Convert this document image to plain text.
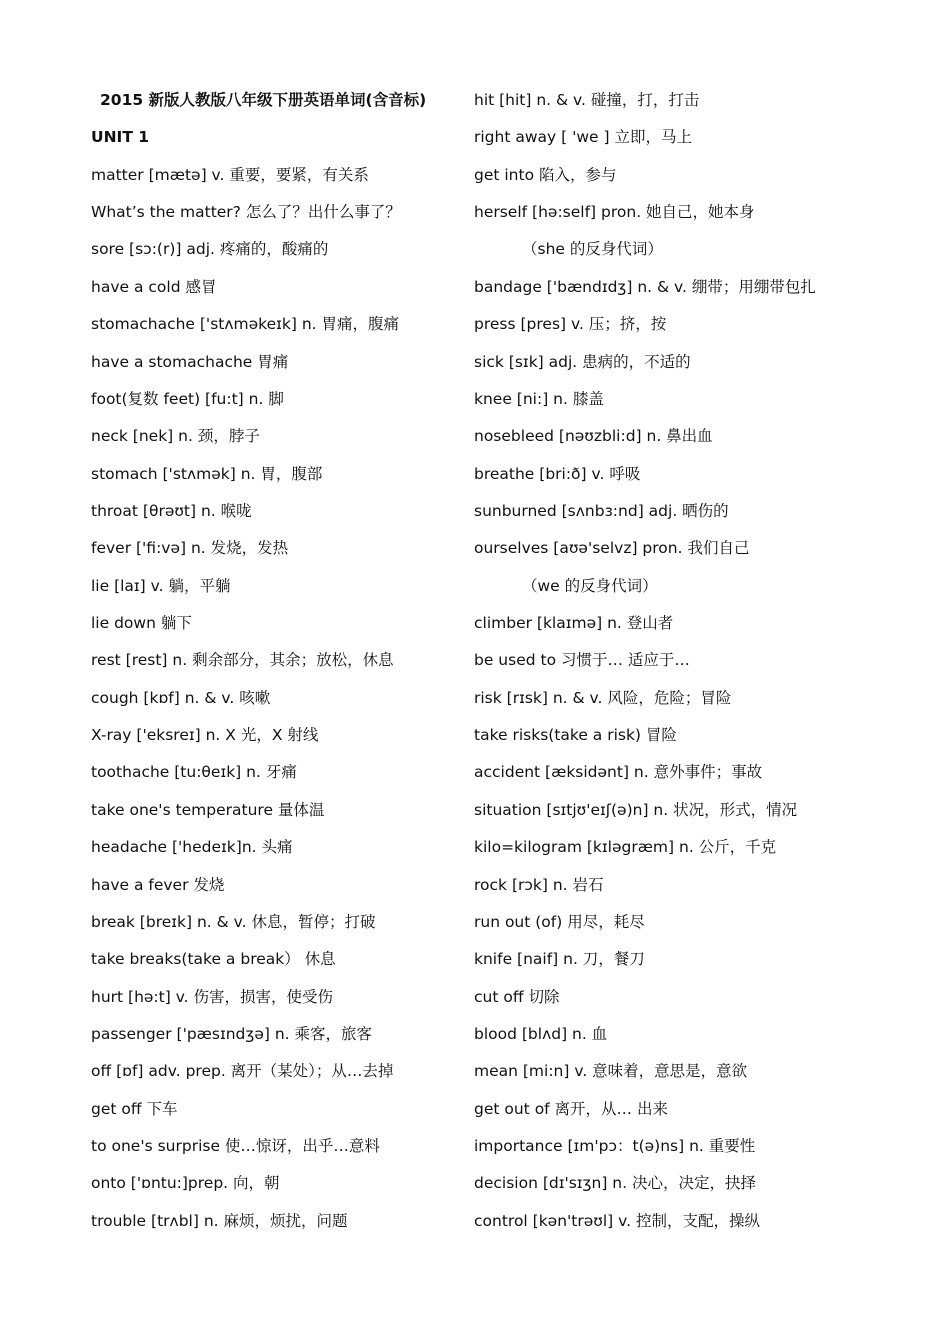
2015 新版人教版八年级下册英语单词(含音标)
UNIT 1
matter [mætə] v. 重要，要紧，有关系
What’s the matter? 怎么了？出什么事了？
sore [sɔ:(r)] adj. 疼痛的，酸痛的
have a cold 感冒
stomachache ['stʌməkeɪk] n. 胃痛，腹痛
have a stomachache 胃痛
foot(复数 feet) [fu:t] n. 脚
neck [nek] n. 颈，脖子
stomach ['stʌmək] n. 胃，腹部
throat [θrəʊt] n. 喉咙
fever ['fi:və] n. 发烧，发热
lie [laɪ] v. 躺，平躺
lie down 躺下
rest [rest] n. 剩余部分，其余；放松，休息
cough [kɒf] n. & v. 咳嗽
X-ray ['eksreɪ] n. X 光，X 射线
toothache [tu:θeɪk] n. 牙痛
take one's temperature 量体温
headache ['hedeɪk]n. 头痛
have a fever 发烧
break [breɪk] n. & v. 休息，暂停；打破
take breaks(take a break） 休息
hurt [hə:t] v. 伤害，损害，使受伤
passenger ['pæsɪndʒə] n. 乘客，旅客
off [ɒf] adv. prep. 离开（某处）；从…去掉
get off 下车
to one's surprise 使…惊讶，出乎…意料
onto ['ɒntu:]prep. 向，朝
trouble [trʌbl] n. 麻烦，烦扰，问题
hit [hit] n. & v. 碰撞，打，打击
right away [ 'we ] 立即，马上
get into 陷入，参与
herself [hə:self] pron. 她自己，她本身
（she 的反身代词）
bandage ['bændɪdʒ] n. & v. 绷带；用绷带包扎
press [pres] v. 压；挤，按
sick [sɪk] adj. 患病的，不适的
knee [ni:] n. 膝盖
nosebleed [nəʊzbli:d] n. 鼻出血
breathe [bri:ð] v. 呼吸
sunburned [sʌnbɜ:nd] adj. 晒伤的
ourselves [aʊə'selvz] pron. 我们自己
（we 的反身代词）
climber [klaɪmə] n. 登山者
be used to 习惯于… 适应于…
risk [rɪsk] n. & v. 风险，危险；冒险
take risks(take a risk) 冒险
accident [æksidənt] n. 意外事件；事故
situation [sɪtjʊ'eɪʃ(ə)n] n. 状况，形式，情况
kilo=kilogram [kɪləgræm] n. 公斤，千克
rock [rɔk] n. 岩石
run out (of) 用尽，耗尽
knife [naif] n. 刀，餐刀
cut off 切除
blood [blʌd] n. 血
mean [mi:n] v. 意味着，意思是，意欲
get out of 离开，从… 出来
importance [ɪm'pɔ：t(ə)ns] n. 重要性
decision [dɪ'sɪʒn] n. 决心，决定，抉择
control [kən'trəʊl] v. 控制，支配，操纵
